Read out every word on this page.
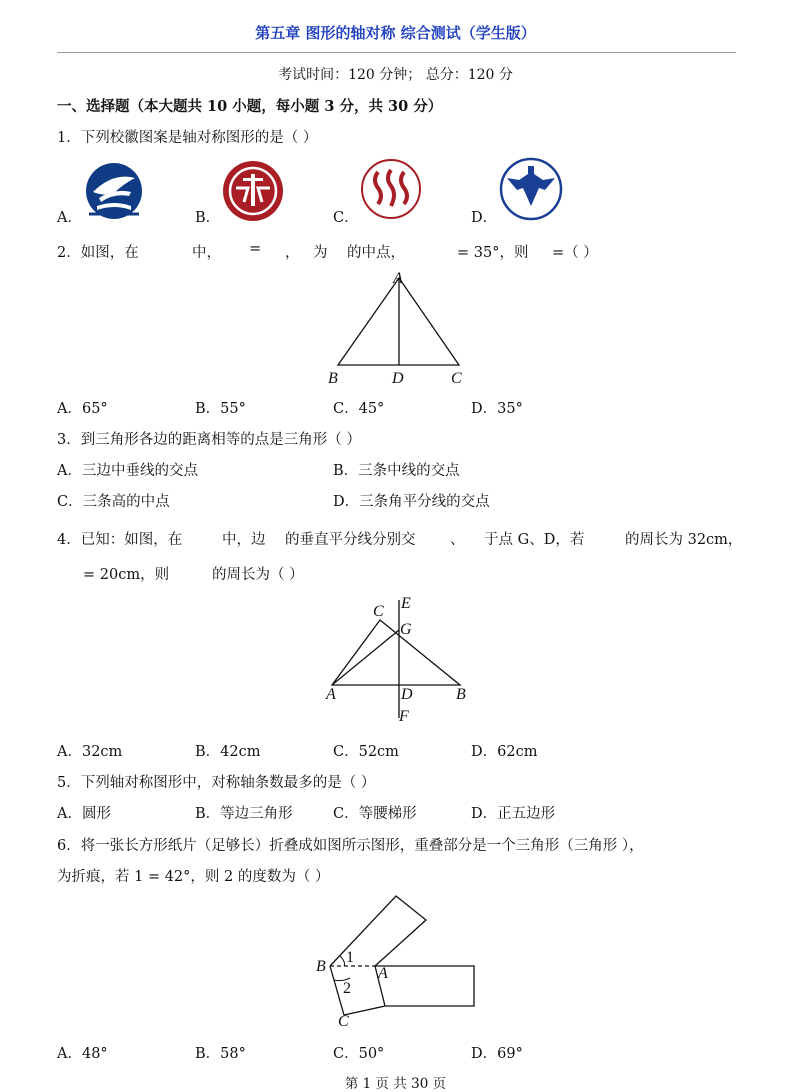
第五章 图形的轴对称 综合测试（学生版）
考试时间：120 分钟； 总分：120 分
一、选择题（本大题共 10 小题，每小题 3 分，共 30 分）
1．下列校徽图案是轴对称图形的是（ ）
A．	B．	C．	D．
2．如图，在	中， = ， 为 的中点，	= 35°，则 =（ ）
A
B	D	C
A．65°	B．55°	C．45°	D．35°
3．到三角形各边的距离相等的点是三角形（ ）
A．三边中垂线的交点	B．三条中线的交点
C．三条高的中点	D．三条角平分线的交点
4．已知：如图，在	中，边 的垂直平分线分别交 、 于点 G、D，若	的周长为 32cm，
= 20cm，则	的周长为（ ）
C E
G
A	D	B
F
A．32cm	B．42cm	C．52cm	D．62cm
5．下列轴对称图形中，对称轴条数最多的是（ ）
A．圆形	B．等边三角形	C．等腰梯形	D．正五边形
6．将一张长方形纸片（足够长）折叠成如图所示图形，重叠部分是一个三角形（三角形 ），
为折痕，若 1 = 42°，则 2 的度数为（ ）
B
1
A
2
C
A．48°	B．58°	C．50°	D．69°
第 1 页 共 30 页
